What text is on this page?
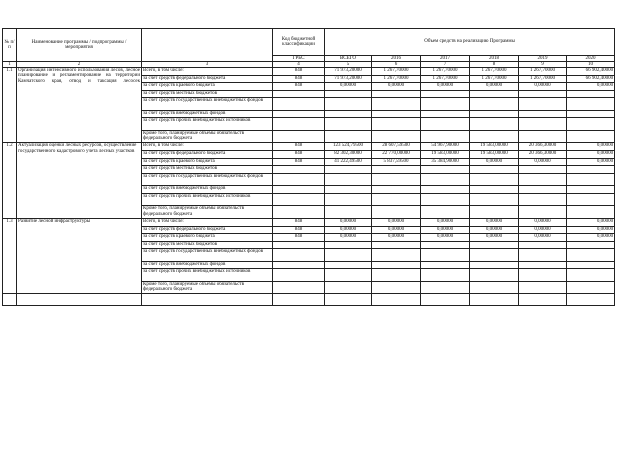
№ п/п	Наименование программы / подпрограммы / мероприятия		Код бюджетной классификации	Объем средств на реализацию Программы					
			ГРБС	ВСЕГО	2016	2017	2018	2019	2020
1	2	3	4	5	6	7	8	9	10
1.1	Организация интенсивного использования лесов, лесное планирование и регламентирование на территории Камчатского края, отвод и таксация лесосек	Всего, в том числе:	848	71 973,20000	1 267,70000	1 267,70000	1 267,70000	1 267,70000	66 902,40000
		за счет средств федерального бюджета	848	71 973,20000	1 267,70000	1 267,70000	1 267,70000	1 267,70000	66 902,40000
		за счет средств краевого бюджета	848	0,00000	0,00000	0,00000	0,00000	0,00000	0,00000
		за счет средств местных бюджетов							
		за счет средств государственных внебюджетных фондов							
		за счет средств внебюджетных фондов							
		за счет средств прочих внебюджетных источников							
		Кроме того, планируемые объемы обязательств федерального бюджета							
1.2	Актуализация оценки лесных ресурсов, осуществление государственного кадастрового учета лесных участков	Всего, в том числе:	848	123 524,79500	28 607,59500	54 967,90000	19 583,00000	20 366,30000	0,00000
		за счет средств федерального бюджета	848	82 302,30000	22 770,00000	19 583,00000	19 583,00000	20 366,30000	0,00000
		за счет средств краевого бюджета	848	41 222,49500	5 837,59500	35 384,90000	0,00000	0,00000	0,00000
		за счет средств местных бюджетов							
		за счет средств государственных внебюджетных фондов							
		за счет средств внебюджетных фондов							
		за счет средств прочих внебюджетных источников							
		Кроме того, планируемые объемы обязательств федерального бюджета							
1.3	Развитие лесной инфраструктуры	Всего, в том числе:	848	0,00000	0,00000	0,00000	0,00000	0,00000	0,00000
		за счет средств федерального бюджета	848	0,00000	0,00000	0,00000	0,00000	0,00000	0,00000
		за счет средств краевого бюджета	848	0,00000	0,00000	0,00000	0,00000	0,00000	0,00000
		за счет средств местных бюджетов							
		за счет средств государственных внебюджетных фондов							
		за счет средств внебюджетных фондов							
		за счет средств прочих внебюджетных источников							
		Кроме того, планируемые объемы обязательств федерального бюджета							
